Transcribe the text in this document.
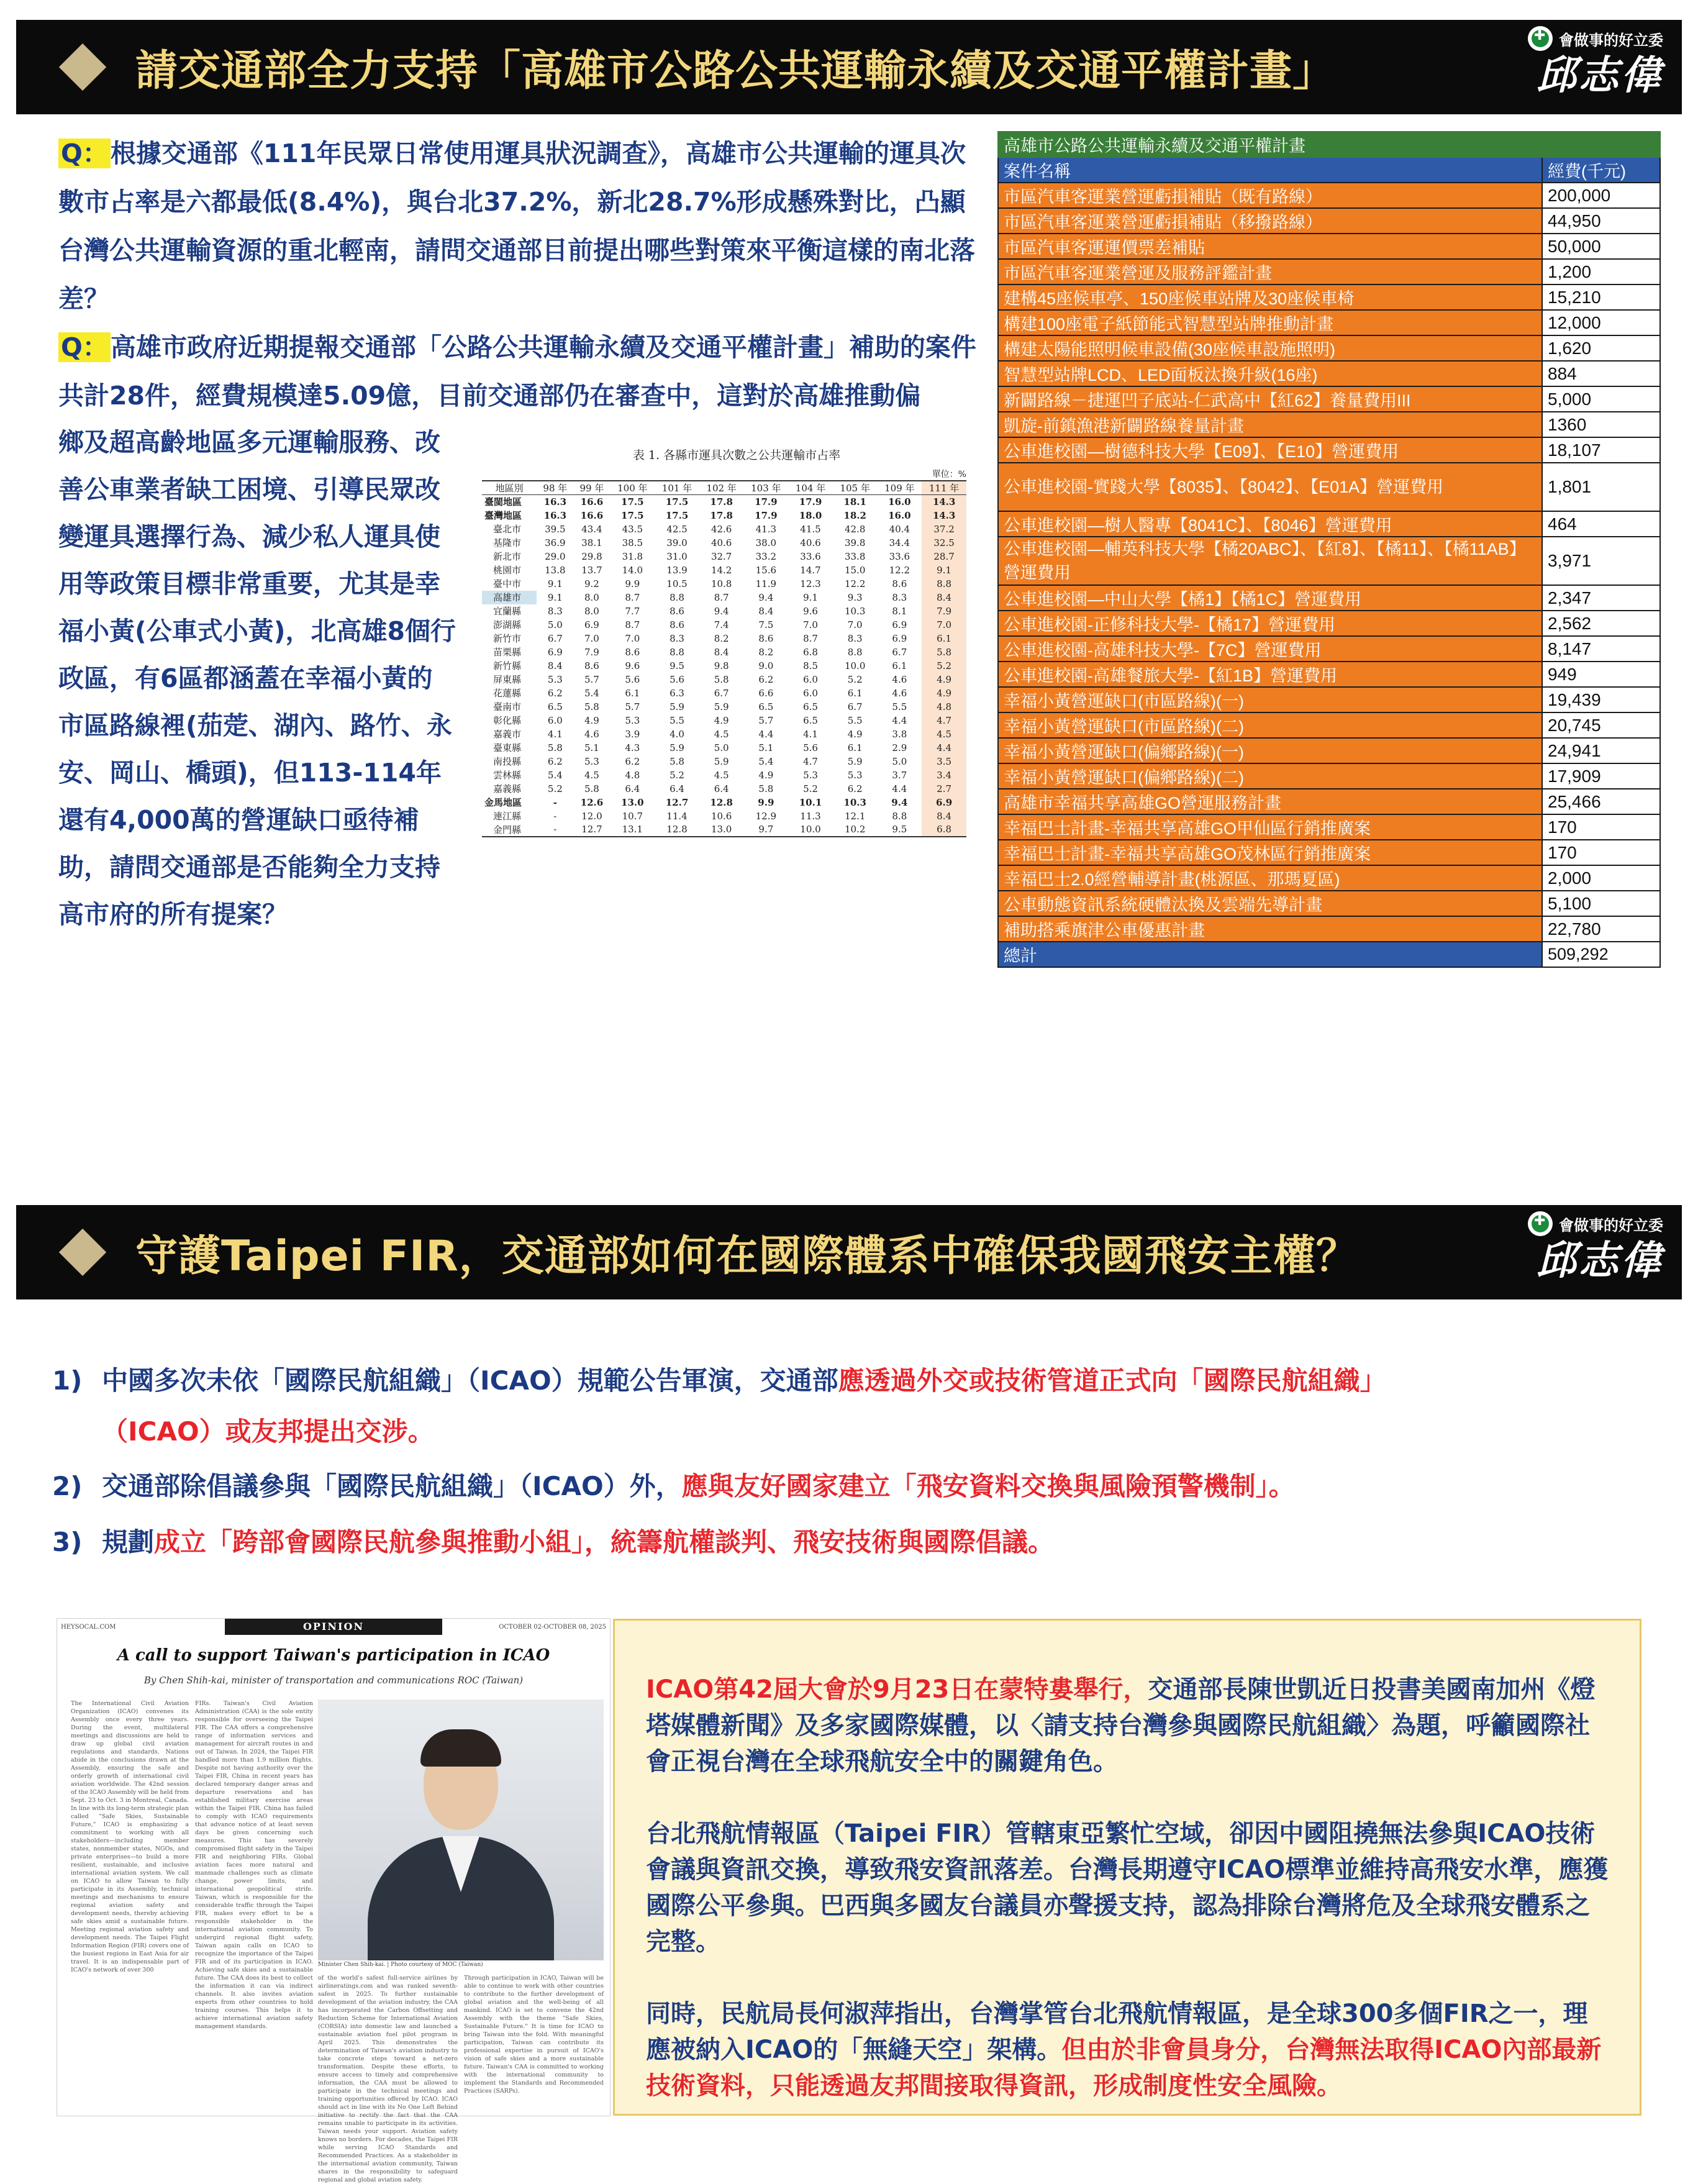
請交通部全力支持「高雄市公路公共運輸永續及交通平權計畫」
✚
會做事的好立委
邱志偉
Q：根據交通部《111年民眾日常使用運具狀況調查》，高雄市公共運輸的運具次數市占率是六都最低(8.4%)，與台北37.2%，新北28.7%形成懸殊對比，凸顯台灣公共運輸資源的重北輕南，請問交通部目前提出哪些對策來平衡這樣的南北落差？
Q：高雄市政府近期提報交通部「公路公共運輸永續及交通平權計畫」補助的案件共計28件，經費規模達5.09億，目前交通部仍在審查中，這對於高雄推動偏
鄉及超高齡地區多元運輸服務、改善公車業者缺工困境、引導民眾改變運具選擇行為、減少私人運具使用等政策目標非常重要，尤其是幸福小黃(公車式小黃)，北高雄8個行政區，有6區都涵蓋在幸福小黃的市區路線裡(茄萣、湖內、路竹、永安、岡山、橋頭)，但113-114年還有4,000萬的營運缺口亟待補助，請問交通部是否能夠全力支持高市府的所有提案？
表 1. 各縣市運具次數之公共運輸市占率
單位：%
地區別	98 年	99 年	100 年	101 年	102 年	103 年	104 年	105 年	109 年	111 年
臺閩地區	16.3	16.6	17.5	17.5	17.8	17.9	17.9	18.1	16.0	14.3
臺灣地區	16.3	16.6	17.5	17.5	17.8	17.9	18.0	18.2	16.0	14.3
臺北市	39.5	43.4	43.5	42.5	42.6	41.3	41.5	42.8	40.4	37.2
基隆市	36.9	38.1	38.5	39.0	40.6	38.0	40.6	39.8	34.4	32.5
新北市	29.0	29.8	31.8	31.0	32.7	33.2	33.6	33.8	33.6	28.7
桃園市	13.8	13.7	14.0	13.9	14.2	15.6	14.7	15.0	12.2	9.1
臺中市	9.1	9.2	9.9	10.5	10.8	11.9	12.3	12.2	8.6	8.8
高雄市	9.1	8.0	8.7	8.8	8.7	9.4	9.1	9.3	8.3	8.4
宜蘭縣	8.3	8.0	7.7	8.6	9.4	8.4	9.6	10.3	8.1	7.9
澎湖縣	5.0	6.9	8.7	8.6	7.4	7.5	7.0	7.0	6.9	7.0
新竹市	6.7	7.0	7.0	8.3	8.2	8.6	8.7	8.3	6.9	6.1
苗栗縣	6.9	7.9	8.6	8.8	8.4	8.2	6.8	8.8	6.7	5.8
新竹縣	8.4	8.6	9.6	9.5	9.8	9.0	8.5	10.0	6.1	5.2
屏東縣	5.3	5.7	5.6	5.6	5.8	6.2	6.0	5.2	4.6	4.9
花蓮縣	6.2	5.4	6.1	6.3	6.7	6.6	6.0	6.1	4.6	4.9
臺南市	6.5	5.8	5.7	5.9	5.9	6.5	6.5	6.7	5.5	4.8
彰化縣	6.0	4.9	5.3	5.5	4.9	5.7	6.5	5.5	4.4	4.7
嘉義市	4.1	4.6	3.9	4.0	4.5	4.4	4.1	4.9	3.8	4.5
臺東縣	5.8	5.1	4.3	5.9	5.0	5.1	5.6	6.1	2.9	4.4
南投縣	6.2	5.3	6.2	5.8	5.9	5.4	4.7	5.9	5.0	3.5
雲林縣	5.4	4.5	4.8	5.2	4.5	4.9	5.3	5.3	3.7	3.4
嘉義縣	5.2	5.8	6.4	6.4	6.4	5.8	5.2	6.2	4.4	2.7
金馬地區	-	12.6	13.0	12.7	12.8	9.9	10.1	10.3	9.4	6.9
連江縣	-	12.0	10.7	11.4	10.6	12.9	11.3	12.1	8.8	8.4
金門縣	-	12.7	13.1	12.8	13.0	9.7	10.0	10.2	9.5	6.8
高雄市公路公共運輸永續及交通平權計畫	
案件名稱	經費(千元)
市區汽車客運業營運虧損補貼（既有路線）	200,000
市區汽車客運業營運虧損補貼（移撥路線）	44,950
市區汽車客運運價票差補貼	50,000
市區汽車客運業營運及服務評鑑計畫	1,200
建構45座候車亭、150座候車站牌及30座候車椅	15,210
構建100座電子紙節能式智慧型站牌推動計畫	12,000
構建太陽能照明候車設備(30座候車設施照明)	1,620
智慧型站牌LCD、LED面板汰換升級(16座)	884
新闢路線－捷運凹子底站-仁武高中【紅62】養量費用III	5,000
凱旋-前鎮漁港新闢路線養量計畫	1360
公車進校園—樹德科技大學【E09】、【E10】營運費用	18,107
公車進校園-實踐大學【8035】、【8042】、【E01A】營運費用	1,801
公車進校園—樹人醫專【8041C】、【8046】營運費用	464
公車進校園—輔英科技大學【橘20ABC】、【紅8】、【橘11】、【橘11AB】營運費用	3,971
公車進校園—中山大學【橘1】【橘1C】營運費用	2,347
公車進校園-正修科技大學-【橘17】營運費用	2,562
公車進校園-高雄科技大學-【7C】營運費用	8,147
公車進校園-高雄餐旅大學-【紅1B】營運費用	949
幸福小黃營運缺口(市區路線)(一)	19,439
幸福小黃營運缺口(市區路線)(二)	20,745
幸福小黃營運缺口(偏鄉路線)(一)	24,941
幸福小黃營運缺口(偏鄉路線)(二)	17,909
高雄市幸福共享高雄GO營運服務計畫	25,466
幸福巴士計畫-幸福共享高雄GO甲仙區行銷推廣案	170
幸福巴士計畫-幸福共享高雄GO茂林區行銷推廣案	170
幸福巴士2.0經營輔導計畫(桃源區、那瑪夏區)	2,000
公車動態資訊系統硬體汰換及雲端先導計畫	5,100
補助搭乘旗津公車優惠計畫	22,780
總計	509,292
守護Taipei FIR，交通部如何在國際體系中確保我國飛安主權？
✚
會做事的好立委
邱志偉
1) 中國多次未依「國際民航組織」（ICAO）規範公告軍演，交通部應透過外交或技術管道正式向「國際民航組織」
（ICAO）或友邦提出交涉。
2) 交通部除倡議參與「國際民航組織」（ICAO）外，應與友好國家建立「飛安資料交換與風險預警機制」。
3) 規劃成立「跨部會國際民航參與推動小組」，統籌航權談判、飛安技術與國際倡議。
HEYSOCAL.COM	OPINION	OCTOBER 02-OCTOBER 08, 2025
A call to support Taiwan's participation in ICAO
By Chen Shih-kai, minister of transportation and communications ROC (Taiwan)
The International Civil Aviation Organization (ICAO) convenes its Assembly once every three years. During the event, multilateral meetings and discussions are held to draw up global civil aviation regulations and standards. Nations abide in the conclusions drawn at the Assembly, ensuring the safe and orderly growth of international civil aviation worldwide. The 42nd session of the ICAO Assembly will be held from Sept. 23 to Oct. 3 in Montreal, Canada. In line with its long-term strategic plan called "Safe Skies, Sustainable Future," ICAO is emphasizing a commitment to working with all stakeholders—including member states, nonmember states, NGOs, and private enterprises—to build a more resilient, sustainable, and inclusive international aviation system. We call on ICAO to allow Taiwan to fully participate in its Assembly, technical meetings and mechanisms to ensure regional aviation safety and development needs, thereby achieving safe skies amid a sustainable future. Meeting regional aviation safety and development needs. The Taipei Flight Information Region (FIR) covers one of the busiest regions in East Asia for air travel. It is an indispensable part of ICAO's network of over 300
FIRs. Taiwan's Civil Aviation Administration (CAA) is the sole entity responsible for overseeing the Taipei FIR. The CAA offers a comprehensive range of information services and management for aircraft routes in and out of Taiwan. In 2024, the Taipei FIR handled more than 1.9 million flights. Despite not having authority over the Taipei FIR, China in recent years has declared temporary danger areas and departure reservations and has established military exercise areas within the Taipei FIR. China has failed to comply with ICAO requirements that advance notice of at least seven days be given concerning such measures. This has severely compromised flight safety in the Taipei FIR and neighboring FIRs. Global aviation faces more natural and manmade challenges such as climate change, power limits, and international geopolitical strife. Taiwan, which is responsible for the considerable traffic through the Taipei FIR, makes every effort to be a responsible stakeholder in the international aviation community. To undergird regional flight safety, Taiwan again calls on ICAO to recognize the importance of the Taipei FIR and of its participation in ICAO. Achieving safe skies and a sustainable future. The CAA does its best to collect the information it can via indirect channels. It also invites aviation experts from other countries to hold training courses. This helps it to achieve international aviation safety management standards.
Minister Chen Shih-kai. | Photo courtesy of MOC (Taiwan)
of the world's safest full-service airlines by airlineratings.com and was ranked seventh-safest in 2025. To further sustainable development of the aviation industry, the CAA has incorporated the Carbon Offsetting and Reduction Scheme for International Aviation (CORSIA) into domestic law and launched a sustainable aviation fuel pilot program in April 2025. This demonstrates the determination of Taiwan's aviation industry to take concrete steps toward a net-zero transformation. Despite these efforts, to ensure access to timely and comprehensive information, the CAA must be allowed to participate in the technical meetings and training opportunities offered by ICAO. ICAO should act in line with its No One Left Behind initiative to rectify the fact that the CAA remains unable to participate in its activities. Taiwan needs your support. Aviation safety knows no borders. For decades, the Taipei FIR while serving ICAO Standards and Recommended Practices. As a stakeholder in the international aviation community, Taiwan shares in the responsibility to safeguard regional and global aviation safety.
Through participation in ICAO, Taiwan will be able to continue to work with other countries to contribute to the further development of global aviation and the well-being of all mankind. ICAO is set to convene the 42nd Assembly with the theme "Safe Skies, Sustainable Future." It is time for ICAO to bring Taiwan into the fold. With meaningful participation, Taiwan can contribute its professional expertise in pursuit of ICAO's vision of safe skies and a more sustainable future. Taiwan's CAA is committed to working with the international community to implement the Standards and Recommended Practices (SARPs).

ICAO第42屆大會於9月23日在蒙特婁舉行，交通部長陳世凱近日投書美國南加州《燈塔媒體新聞》及多家國際媒體，以〈請支持台灣參與國際民航組織〉為題，呼籲國際社會正視台灣在全球飛航安全中的關鍵角色。

台北飛航情報區（Taipei FIR）管轄東亞繁忙空域，卻因中國阻撓無法參與ICAO技術會議與資訊交換，導致飛安資訊落差。台灣長期遵守ICAO標準並維持高飛安水準，應獲國際公平參與。巴西與多國友台議員亦聲援支持，認為排除台灣將危及全球飛安體系之完整。

同時，民航局長何淑萍指出，台灣掌管台北飛航情報區，是全球300多個FIR之一，理應被納入ICAO的「無縫天空」架構。但由於非會員身分，台灣無法取得ICAO內部最新技術資料，只能透過友邦間接取得資訊，形成制度性安全風險。
